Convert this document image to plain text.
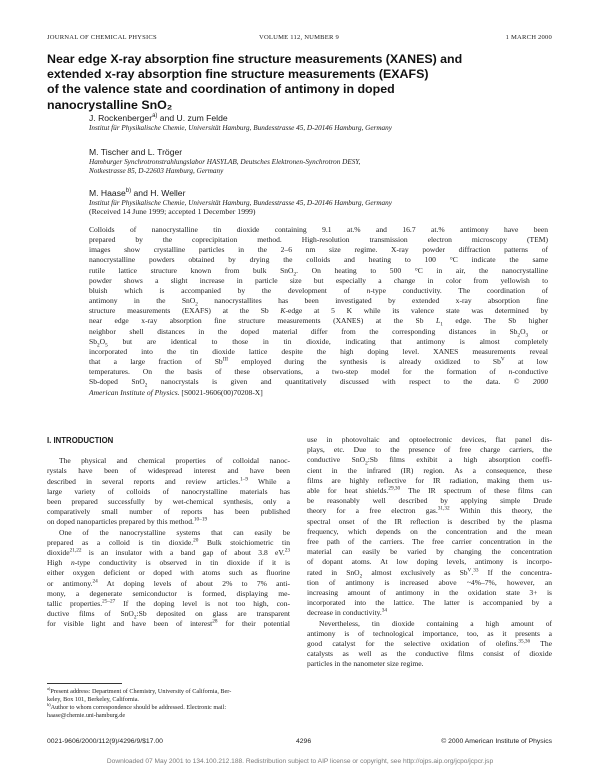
JOURNAL OF CHEMICAL PHYSICS	VOLUME 112, NUMBER 9	1 MARCH 2000
Near edge X-ray absorption fine structure measurements (XANES) and
extended x-ray absorption fine structure measurements (EXAFS)
of the valence state and coordination of antimony in doped
nanocrystalline SnO₂
J. Rockenberger$^{a)}$ and U. zum Felde
Institut für Physikalische Chemie, Universität Hamburg, Bundesstrasse 45, D-20146 Hamburg, Germany
M. Tischer and L. Tröger
Hamburger Synchrotronstrahlungslabor HASYLAB, Deutsches Elektronen-Synchrotron DESY,
Notkestrasse 85, D-22603 Hamburg, Germany
M. Haase$^{b)}$ and H. Weller
Institut für Physikalische Chemie, Universität Hamburg, Bundesstrasse 45, D-20146 Hamburg, Germany
(Received 14 June 1999; accepted 1 December 1999)
Colloids of nanocrystalline tin dioxide containing 9.1 at.% and 16.7 at.% antimony have been
prepared by the coprecipitation method. High-resolution transmission electron microscopy (TEM)
images show crystalline particles in the 2–6 nm size regime. X-ray powder diffraction patterns of
nanocrystalline powders obtained by drying the colloids and heating to 100 °C indicate the same
rutile lattice structure known from bulk SnO$_2$. On heating to 500 °C in air, the nanocrystalline
powder shows a slight increase in particle size but especially a change in color from yellowish to
bluish which is accompanied by the development of n-type conductivity. The coordination of
antimony in the SnO$_2$ nanocrystallites has been investigated by extended x-ray absorption fine
structure measurements (EXAFS) at the Sb K-edge at 5 K while its valence state was determined by
near edge x-ray absorption fine structure measurements (XANES) at the Sb $L_1$ edge. The Sb higher
neighbor shell distances in the doped material differ from the corresponding distances in $Sb_2O_3$ or
$Sb_2O_5$ but are identical to those in tin dioxide, indicating that antimony is almost completely
incorporated into the tin dioxide lattice despite the high doping level. XANES measurements reveal
that a large fraction of $Sb^{III}$ employed during the synthesis is already oxidized to $Sb^V$ at low
temperatures. On the basis of these observations, a two-step model for the formation of n-conductive
Sb-doped SnO$_2$ nanocrystals is given and quantitatively discussed with respect to the data. © 2000
American Institute of Physics. [S0021-9606(00)70208-X]
I. INTRODUCTION
The physical and chemical properties of colloidal nanoc-
rystals have been of widespread interest and have been
described in several reports and review articles.$^{1-9}$ While a
large variety of colloids of nanocrystalline materials has
been prepared successfully by wet-chemical synthesis, only a
comparatively small number of reports has been published
on doped nanoparticles prepared by this method.$^{10-19}$
One of the nanocrystalline systems that can easily be
prepared as a colloid is tin dioxide.$^{20}$ Bulk stoichiometric tin
dioxide$^{21,22}$ is an insulator with a band gap of about 3.8 eV.$^{23}$
High n-type conductivity is observed in tin dioxide if it is
either oxygen deficient or doped with atoms such as fluorine
or antimony.$^{24}$ At doping levels of about 2% to 7% anti-
mony, a degenerate semiconductor is formed, displaying me-
tallic properties.$^{25-27}$ If the doping level is not too high, con-
ductive films of SnO$_2$:Sb deposited on glass are transparent
for visible light and have been of interest$^{28}$ for their potential
use in photovoltaic and optoelectronic devices, flat panel dis-
plays, etc. Due to the presence of free charge carriers, the
conductive SnO$_2$:Sb films exhibit a high absorption coeffi-
cient in the infrared (IR) region. As a consequence, these
films are highly reflective for IR radiation, making them us-
able for heat shields.$^{29,30}$ The IR spectrum of these films can
be reasonably well described by applying simple Drude
theory for a free electron gas.$^{31,32}$ Within this theory, the
spectral onset of the IR reflection is described by the plasma
frequency, which depends on the concentration and the mean
free path of the carriers. The free carrier concentration in the
material can easily be varied by changing the concentration
of dopant atoms. At low doping levels, antimony is incorpo-
rated in SnO$_2$ almost exclusively as $Sb^V.^{33}$ If the concentra-
tion of antimony is increased above ~4%–7%, however, an
increasing amount of antimony in the oxidation state 3+ is
incorporated into the lattice. The latter is accompanied by a
decrease in conductivity.$^{34}$
Nevertheless, tin dioxide containing a high amount of
antimony is of technological importance, too, as it presents a
good catalyst for the selective oxidation of olefins.$^{35,36}$ The
catalysts as well as the conductive films consist of dioxide
particles in the nanometer size regime.
$^{a)}$Present address: Department of Chemistry, University of California, Ber-
keley, Box 101, Berkeley, California.
$^{b)}$Author to whom correspondence should be addressed. Electronic mail:
haase@chemie.uni-hamburg.de
0021-9606/2000/112(9)/4296/9/$17.00	4296	© 2000 American Institute of Physics
Downloaded 07 May 2001 to 134.100.212.188. Redistribution subject to AIP license or copyright, see http://ojps.aip.org/jcpo/jcpcr.jsp
